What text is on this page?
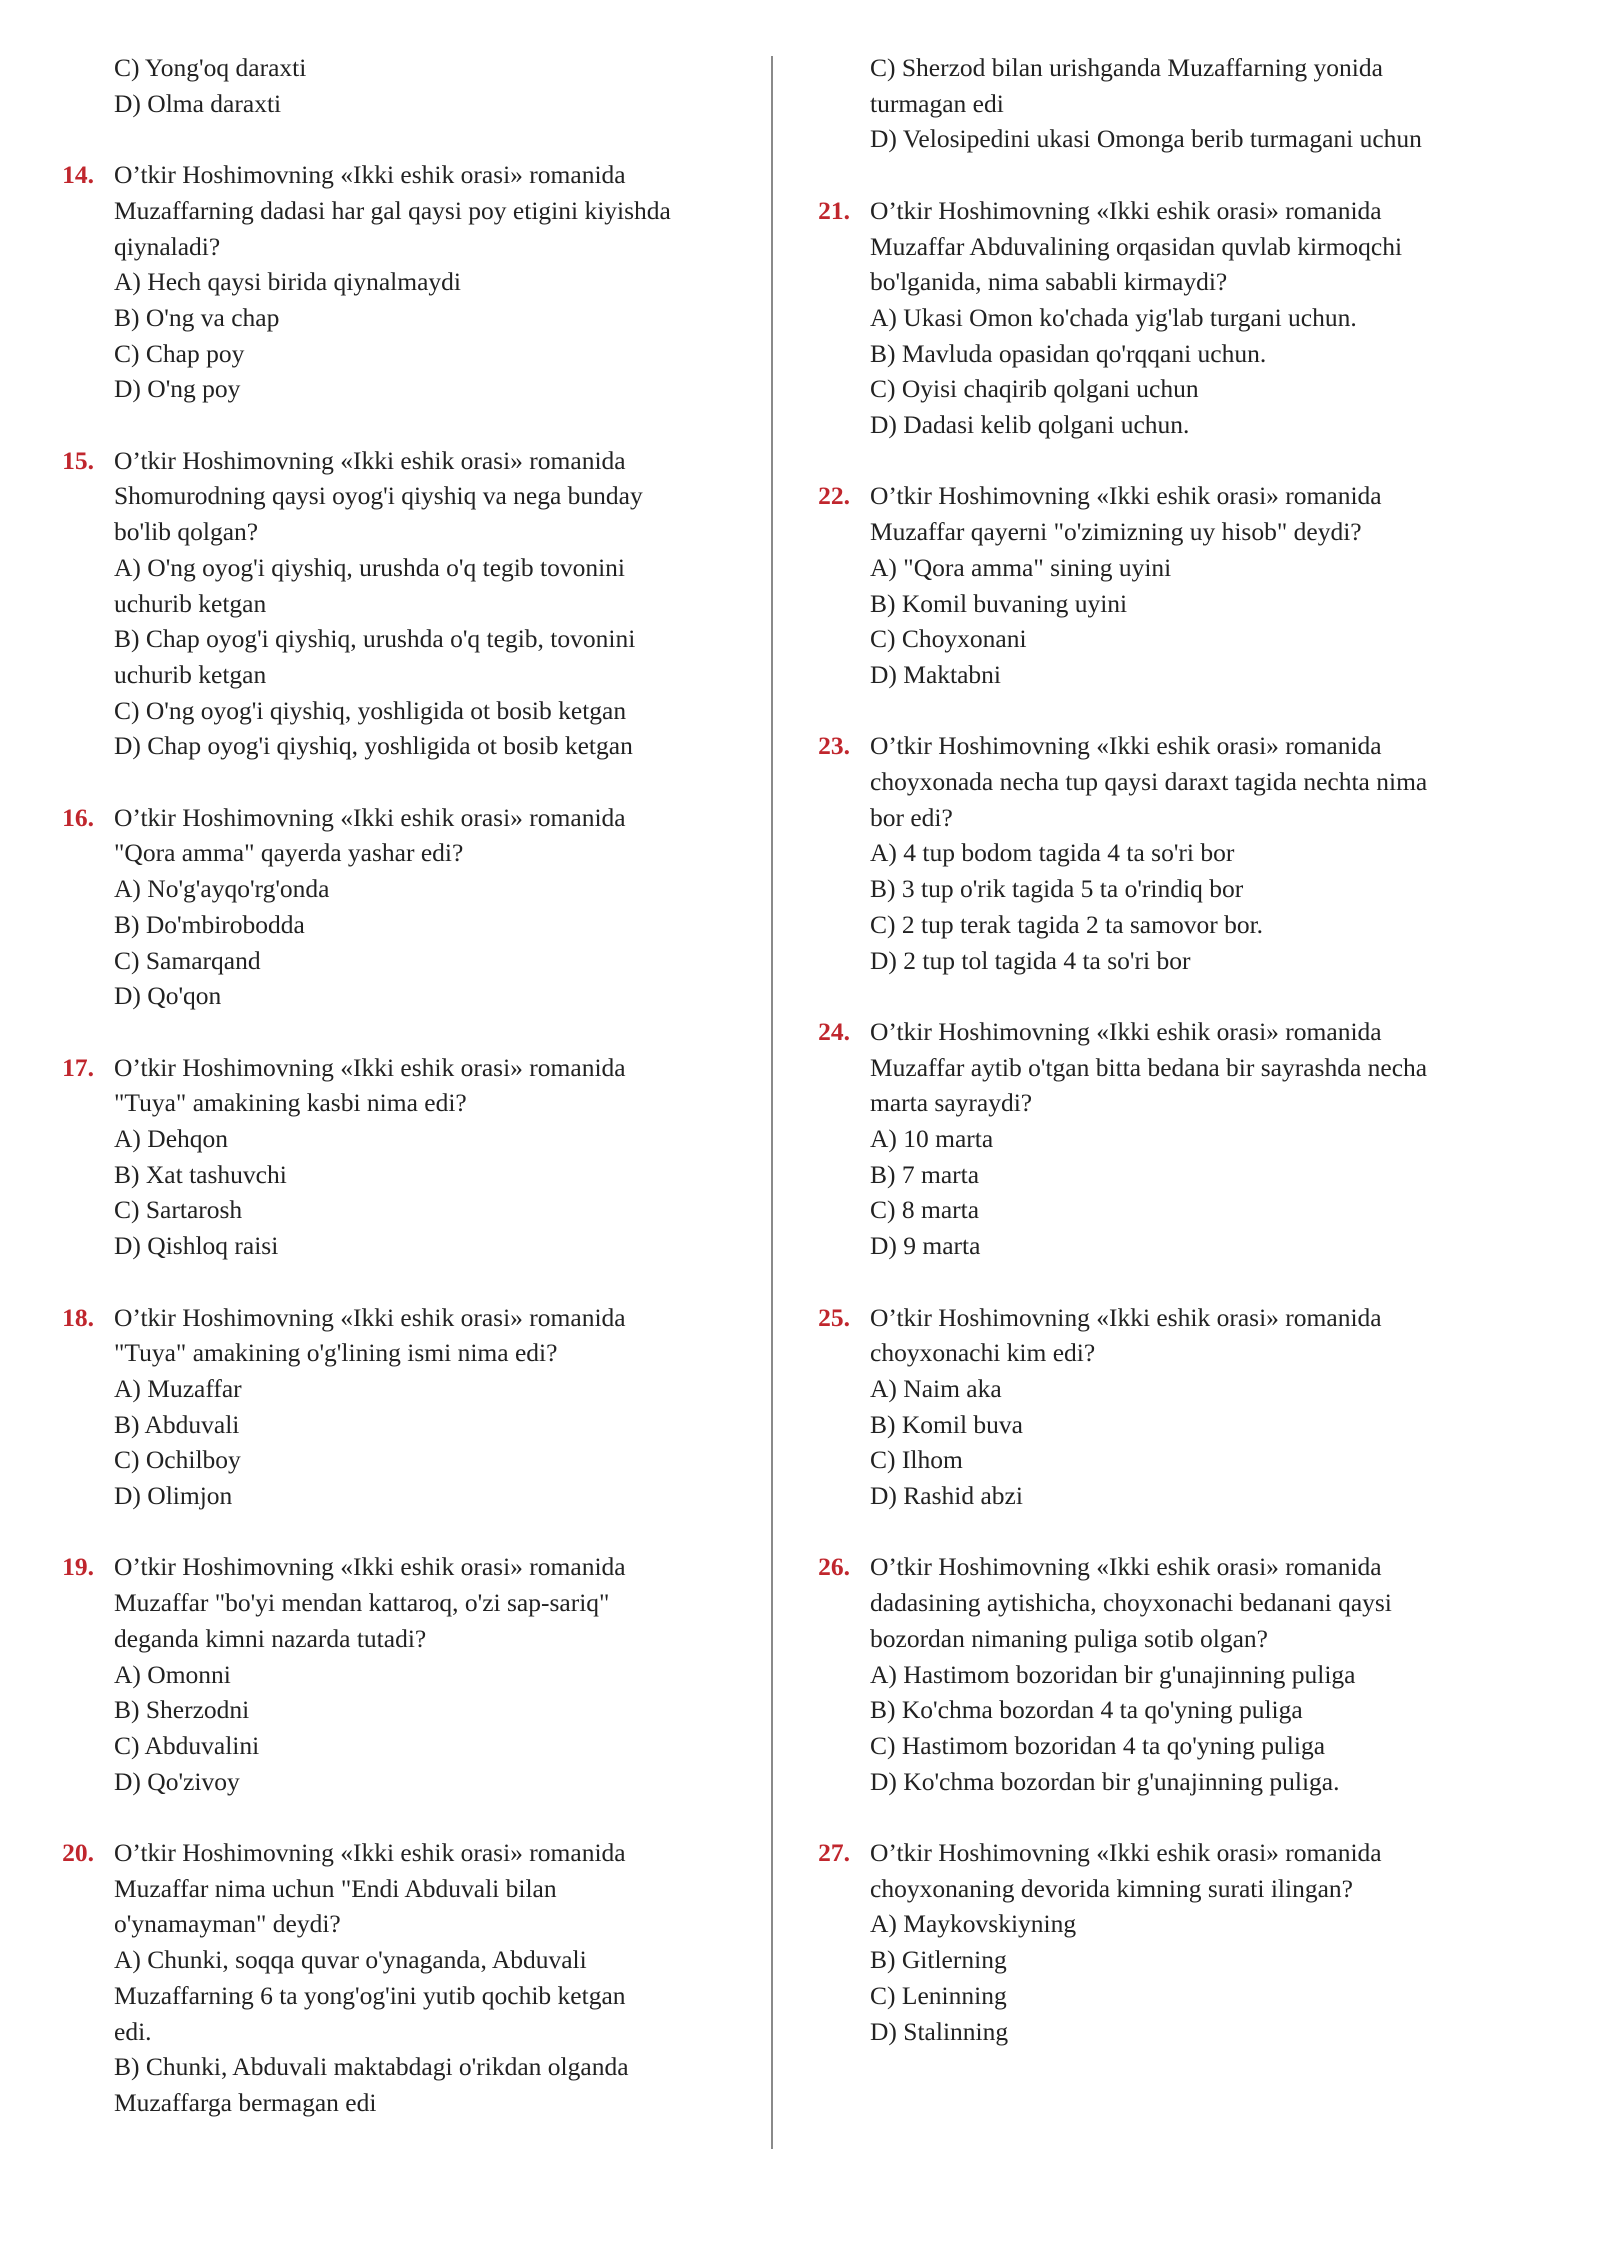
C) Yong'oq daraxti
D) Olma daraxti
14. O’tkir Hoshimovning «Ikki eshik orasi» romanida
Muzaffarning dadasi har gal qaysi poy etigini kiyishda
qiynaladi?
A) Hech qaysi birida qiynalmaydi
B) O'ng va chap
C) Chap poy
D) O'ng poy
15. O’tkir Hoshimovning «Ikki eshik orasi» romanida
Shomurodning qaysi oyog'i qiyshiq va nega bunday
bo'lib qolgan?
A) O'ng oyog'i qiyshiq, urushda o'q tegib tovonini
uchurib ketgan
B) Chap oyog'i qiyshiq, urushda o'q tegib, tovonini
uchurib ketgan
C) O'ng oyog'i qiyshiq, yoshligida ot bosib ketgan
D) Chap oyog'i qiyshiq, yoshligida ot bosib ketgan
16. O’tkir Hoshimovning «Ikki eshik orasi» romanida
"Qora amma" qayerda yashar edi?
A) No'g'ayqo'rg'onda
B) Do'mbirobodda
C) Samarqand
D) Qo'qon
17. O’tkir Hoshimovning «Ikki eshik orasi» romanida
"Tuya" amakining kasbi nima edi?
A) Dehqon
B) Xat tashuvchi
C) Sartarosh
D) Qishloq raisi
18. O’tkir Hoshimovning «Ikki eshik orasi» romanida
"Tuya" amakining o'g'lining ismi nima edi?
A) Muzaffar
B) Abduvali
C) Ochilboy
D) Olimjon
19. O’tkir Hoshimovning «Ikki eshik orasi» romanida
Muzaffar "bo'yi mendan kattaroq, o'zi sap-sariq"
deganda kimni nazarda tutadi?
A) Omonni
B) Sherzodni
C) Abduvalini
D) Qo'zivoy
20. O’tkir Hoshimovning «Ikki eshik orasi» romanida
Muzaffar nima uchun "Endi Abduvali bilan
o'ynamayman" deydi?
A) Chunki, soqqa quvar o'ynaganda, Abduvali
Muzaffarning 6 ta yong'og'ini yutib qochib ketgan
edi.
B) Chunki, Abduvali maktabdagi o'rikdan olganda
Muzaffarga bermagan edi
C) Sherzod bilan urishganda Muzaffarning yonida
turmagan edi
D) Velosipedini ukasi Omonga berib turmagani uchun
21. O’tkir Hoshimovning «Ikki eshik orasi» romanida
Muzaffar Abduvalining orqasidan quvlab kirmoqchi
bo'lganida, nima sababli kirmaydi?
A) Ukasi Omon ko'chada yig'lab turgani uchun.
B) Mavluda opasidan qo'rqqani uchun.
C) Oyisi chaqirib qolgani uchun
D) Dadasi kelib qolgani uchun.
22. O’tkir Hoshimovning «Ikki eshik orasi» romanida
Muzaffar qayerni "o'zimizning uy hisob" deydi?
A) "Qora amma" sining uyini
B) Komil buvaning uyini
C) Choyxonani
D) Maktabni
23. O’tkir Hoshimovning «Ikki eshik orasi» romanida
choyxonada necha tup qaysi daraxt tagida nechta nima
bor edi?
A) 4 tup bodom tagida 4 ta so'ri bor
B) 3 tup o'rik tagida 5 ta o'rindiq bor
C) 2 tup terak tagida 2 ta samovor bor.
D) 2 tup tol tagida 4 ta so'ri bor
24. O’tkir Hoshimovning «Ikki eshik orasi» romanida
Muzaffar aytib o'tgan bitta bedana bir sayrashda necha
marta sayraydi?
A) 10 marta
B) 7 marta
C) 8 marta
D) 9 marta
25. O’tkir Hoshimovning «Ikki eshik orasi» romanida
choyxonachi kim edi?
A) Naim aka
B) Komil buva
C) Ilhom
D) Rashid abzi
26. O’tkir Hoshimovning «Ikki eshik orasi» romanida
dadasining aytishicha, choyxonachi bedanani qaysi
bozordan nimaning puliga sotib olgan?
A) Hastimom bozoridan bir g'unajinning puliga
B) Ko'chma bozordan 4 ta qo'yning puliga
C) Hastimom bozoridan 4 ta qo'yning puliga
D) Ko'chma bozordan bir g'unajinning puliga.
27. O’tkir Hoshimovning «Ikki eshik orasi» romanida
choyxonaning devorida kimning surati ilingan?
A) Maykovskiyning
B) Gitlerning
C) Leninning
D) Stalinning
